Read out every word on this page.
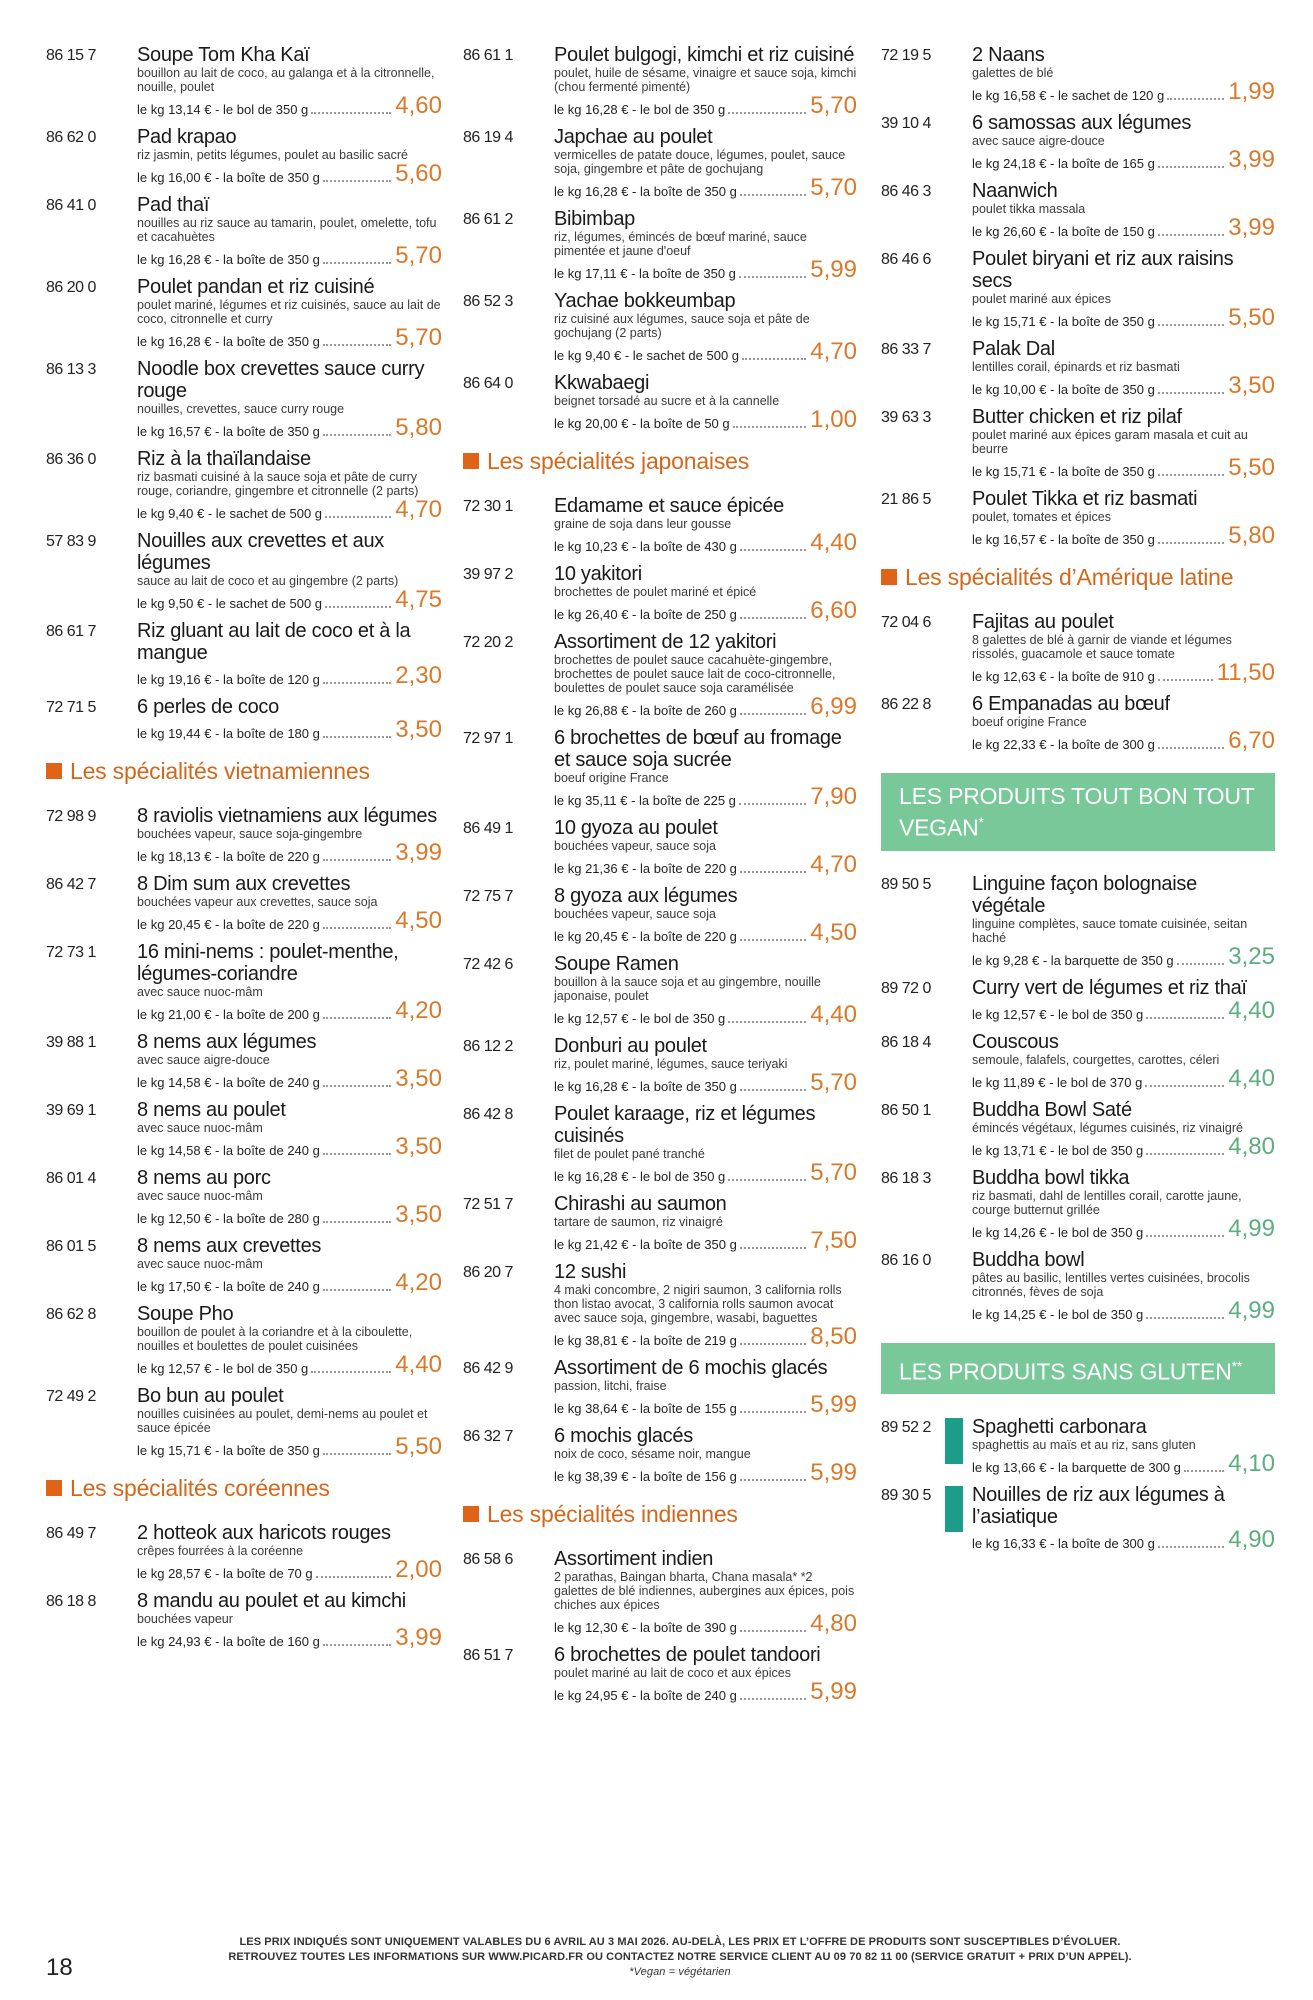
86 15 7 Soupe Tom Kha Kaï
bouillon au lait de coco, au galanga et à la citronnelle, nouille, poulet
le kg 13,14 € - le bol de 350 g	4,60
86 62 0 Pad krapao
riz jasmin, petits légumes, poulet au basilic sacré
le kg 16,00 € - la boîte de 350 g	5,60
86 41 0 Pad thaï
nouilles au riz sauce au tamarin, poulet, omelette, tofu et cacahuètes
le kg 16,28 € - la boîte de 350 g	5,70
86 20 0 Poulet pandan et riz cuisiné
poulet mariné, légumes et riz cuisinés, sauce au lait de coco, citronnelle et curry
le kg 16,28 € - la boîte de 350 g	5,70
86 13 3 Noodle box crevettes sauce curry rouge
nouilles, crevettes, sauce curry rouge
le kg 16,57 € - la boîte de 350 g	5,80
86 36 0 Riz à la thaïlandaise
riz basmati cuisiné à la sauce soja et pâte de curry rouge, coriandre, gingembre et citronnelle (2 parts)
le kg 9,40 € - le sachet de 500 g	4,70
57 83 9 Nouilles aux crevettes et aux légumes
sauce au lait de coco et au gingembre (2 parts)
le kg 9,50 € - le sachet de 500 g	4,75
86 61 7 Riz gluant au lait de coco et à la mangue
le kg 19,16 € - la boîte de 120 g	2,30
72 71 5 6 perles de coco
le kg 19,44 € - la boîte de 180 g	3,50
Les spécialités vietnamiennes
72 98 9 8 raviolis vietnamiens aux légumes
bouchées vapeur, sauce soja-gingembre
le kg 18,13 € - la boîte de 220 g	3,99
86 42 7 8 Dim sum aux crevettes
bouchées vapeur aux crevettes, sauce soja
le kg 20,45 € - la boîte de 220 g	4,50
72 73 1 16 mini-nems : poulet-menthe, légumes-coriandre
avec sauce nuoc-mâm
le kg 21,00 € - la boîte de 200 g	4,20
39 88 1 8 nems aux légumes
avec sauce aigre-douce
le kg 14,58 € - la boîte de 240 g	3,50
39 69 1 8 nems au poulet
avec sauce nuoc-mâm
le kg 14,58 € - la boîte de 240 g	3,50
86 01 4 8 nems au porc
avec sauce nuoc-mâm
le kg 12,50 € - la boîte de 280 g	3,50
86 01 5 8 nems aux crevettes
avec sauce nuoc-mâm
le kg 17,50 € - la boîte de 240 g	4,20
86 62 8 Soupe Pho
bouillon de poulet à la coriandre et à la ciboulette, nouilles et boulettes de poulet cuisinées
le kg 12,57 € - le bol de 350 g	4,40
72 49 2 Bo bun au poulet
nouilles cuisinées au poulet, demi-nems au poulet et sauce épicée
le kg 15,71 € - la boîte de 350 g	5,50
Les spécialités coréennes
86 49 7 2 hotteok aux haricots rouges
crêpes fourrées à la coréenne
le kg 28,57 € - la boîte de 70 g	2,00
86 18 8 8 mandu au poulet et au kimchi
bouchées vapeur
le kg 24,93 € - la boîte de 160 g	3,99
86 61 1 Poulet bulgogi, kimchi et riz cuisiné
poulet, huile de sésame, vinaigre et sauce soja, kimchi (chou fermenté pimenté)
le kg 16,28 € - le bol de 350 g	5,70
86 19 4 Japchae au poulet
vermicelles de patate douce, légumes, poulet, sauce soja, gingembre et pâte de gochujang
le kg 16,28 € - la boîte de 350 g	5,70
86 61 2 Bibimbap
riz, légumes, émincés de bœuf mariné, sauce pimentée et jaune d'oeuf
le kg 17,11 € - la boîte de 350 g	5,99
86 52 3 Yachae bokkeumbap
riz cuisiné aux légumes, sauce soja et pâte de gochujang (2 parts)
le kg 9,40 € - le sachet de 500 g	4,70
86 64 0 Kkwabaegi
beignet torsadé au sucre et à la cannelle
le kg 20,00 € - la boîte de 50 g	1,00
Les spécialités japonaises
72 30 1 Edamame et sauce épicée
graine de soja dans leur gousse
le kg 10,23 € - la boîte de 430 g	4,40
39 97 2 10 yakitori
brochettes de poulet mariné et épicé
le kg 26,40 € - la boîte de 250 g	6,60
72 20 2 Assortiment de 12 yakitori
brochettes de poulet sauce cacahuète-gingembre, brochettes de poulet sauce lait de coco-citronnelle, boulettes de poulet sauce soja caramélisée
le kg 26,88 € - la boîte de 260 g	6,99
72 97 1 6 brochettes de bœuf au fromage et sauce soja sucrée
boeuf origine France
le kg 35,11 € - la boîte de 225 g	7,90
86 49 1 10 gyoza au poulet
bouchées vapeur, sauce soja
le kg 21,36 € - la boîte de 220 g	4,70
72 75 7 8 gyoza aux légumes
bouchées vapeur, sauce soja
le kg 20,45 € - la boîte de 220 g	4,50
72 42 6 Soupe Ramen
bouillon à la sauce soja et au gingembre, nouille japonaise, poulet
le kg 12,57 € - le bol de 350 g	4,40
86 12 2 Donburi au poulet
riz, poulet mariné, légumes, sauce teriyaki
le kg 16,28 € - la boîte de 350 g	5,70
86 42 8 Poulet karaage, riz et légumes cuisinés
filet de poulet pané tranché
le kg 16,28 € - le bol de 350 g	5,70
72 51 7 Chirashi au saumon
tartare de saumon, riz vinaigré
le kg 21,42 € - la boîte de 350 g	7,50
86 20 7 12 sushi
4 maki concombre, 2 nigiri saumon, 3 california rolls thon listao avocat, 3 california rolls saumon avocat avec sauce soja, gingembre, wasabi, baguettes
le kg 38,81 € - la boîte de 219 g	8,50
86 42 9 Assortiment de 6 mochis glacés
passion, litchi, fraise
le kg 38,64 € - la boîte de 155 g	5,99
86 32 7 6 mochis glacés
noix de coco, sésame noir, mangue
le kg 38,39 € - la boîte de 156 g	5,99
Les spécialités indiennes
86 58 6 Assortiment indien
2 parathas, Baingan bharta, Chana masala* *2 galettes de blé indiennes, aubergines aux épices, pois chiches aux épices
le kg 12,30 € - la boîte de 390 g	4,80
86 51 7 6 brochettes de poulet tandoori
poulet mariné au lait de coco et aux épices
le kg 24,95 € - la boîte de 240 g	5,99
72 19 5 2 Naans
galettes de blé
le kg 16,58 € - le sachet de 120 g	1,99
39 10 4 6 samossas aux légumes
avec sauce aigre-douce
le kg 24,18 € - la boîte de 165 g	3,99
86 46 3 Naanwich
poulet tikka massala
le kg 26,60 € - la boîte de 150 g	3,99
86 46 6 Poulet biryani et riz aux raisins secs
poulet mariné aux épices
le kg 15,71 € - la boîte de 350 g	5,50
86 33 7 Palak Dal
lentilles corail, épinards et riz basmati
le kg 10,00 € - la boîte de 350 g	3,50
39 63 3 Butter chicken et riz pilaf
poulet mariné aux épices garam masala et cuit au beurre
le kg 15,71 € - la boîte de 350 g	5,50
21 86 5 Poulet Tikka et riz basmati
poulet, tomates et épices
le kg 16,57 € - la boîte de 350 g	5,80
Les spécialités d’Amérique latine
72 04 6 Fajitas au poulet
8 galettes de blé à garnir de viande et légumes rissolés, guacamole et sauce tomate
le kg 12,63 € - la boîte de 910 g	11,50
86 22 8 6 Empanadas au bœuf
boeuf origine France
le kg 22,33 € - la boîte de 300 g	6,70
LES PRODUITS TOUT BON TOUT VEGAN*
89 50 5 Linguine façon bolognaise végétale
linguine complètes, sauce tomate cuisinée, seitan haché
le kg 9,28 € - la barquette de 350 g 3,25
89 72 0 Curry vert de légumes et riz thaï
le kg 12,57 € - le bol de 350 g	4,40
86 18 4 Couscous
semoule, falafels, courgettes, carottes, céleri
le kg 11,89 € - le bol de 370 g	4,40
86 50 1 Buddha Bowl Saté
émincés végétaux, légumes cuisinés, riz vinaigré
le kg 13,71 € - le bol de 350 g	4,80
86 18 3 Buddha bowl tikka
riz basmati, dahl de lentilles corail, carotte jaune, courge butternut grillée
le kg 14,26 € - le bol de 350 g	4,99
86 16 0 Buddha bowl
pâtes au basilic, lentilles vertes cuisinées, brocolis citronnés, fèves de soja
le kg 14,25 € - le bol de 350 g	4,99
LES PRODUITS SANS GLUTEN**
89 52 2 Spaghetti carbonara
spaghettis au maïs et au riz, sans gluten
le kg 13,66 € - la barquette de 300 g 4,10
89 30 5 Nouilles de riz aux légumes à l’asiatique
le kg 16,33 € - la boîte de 300 g	4,90
18
LES PRIX INDIQUÉS SONT UNIQUEMENT VALABLES DU 6 AVRIL AU 3 MAI 2026. AU-DELÀ, LES PRIX ET L’OFFRE DE PRODUITS SONT SUSCEPTIBLES D’ÉVOLUER.
RETROUVEZ TOUTES LES INFORMATIONS SUR WWW.PICARD.FR OU CONTACTEZ NOTRE SERVICE CLIENT AU 09 70 82 11 00 (SERVICE GRATUIT + PRIX D’UN APPEL).
*Vegan = végétarien
